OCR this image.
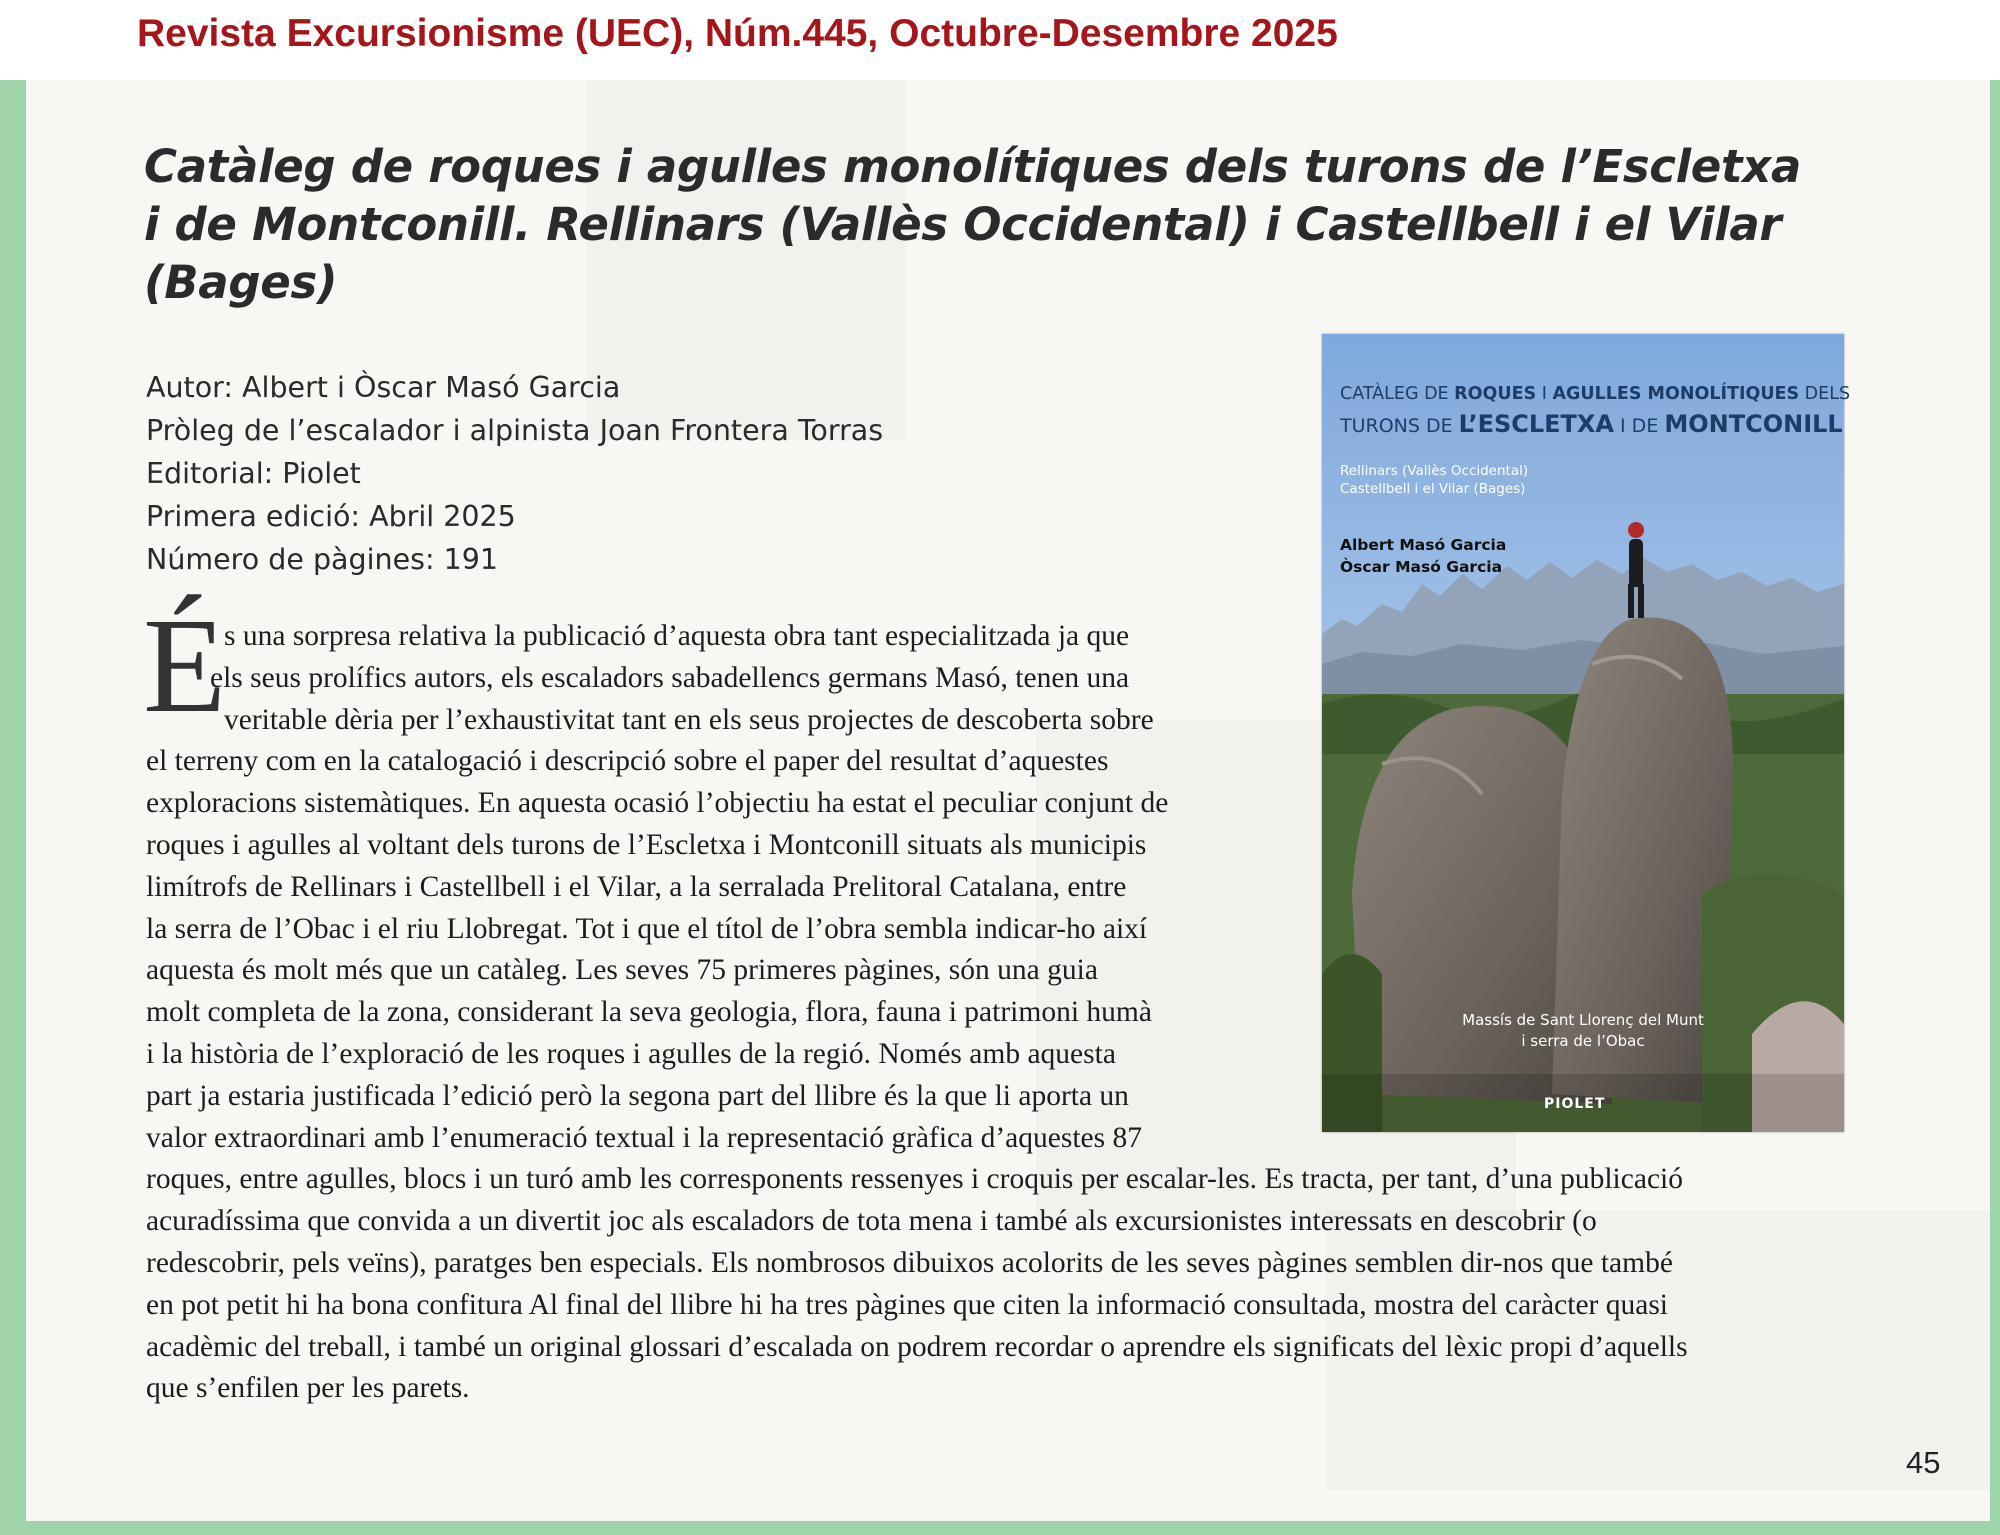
Revista Excursionisme (UEC), Núm.445, Octubre-Desembre 2025
Catàleg de roques i agulles monolítiques dels turons de l’Escletxa
i de Montconill. Rellinars (Vallès Occidental) i Castellbell i el Vilar
(Bages)
Autor: Albert i Òscar Masó Garcia
Pròleg de l’escalador i alpinista Joan Frontera Torras
Editorial: Piolet
Primera edició: Abril 2025
Número de pàgines: 191
É
s una sorpresa relativa la publicació d’aquesta obra tant especialitzada ja que
els seus prolífics autors, els escaladors sabadellencs germans Masó, tenen una
veritable dèria per l’exhaustivitat tant en els seus projectes de descoberta sobre
el terreny com en la catalogació i descripció sobre el paper del resultat d’aquestes
exploracions sistemàtiques. En aquesta ocasió l’objectiu ha estat el peculiar conjunt de
roques i agulles al voltant dels turons de l’Escletxa i Montconill situats als municipis
limítrofs de Rellinars i Castellbell i el Vilar, a la serralada Prelitoral Catalana, entre
la serra de l’Obac i el riu Llobregat. Tot i que el títol de l’obra sembla indicar-ho així
aquesta és molt més que un catàleg. Les seves 75 primeres pàgines, són una guia
molt completa de la zona, considerant la seva geologia, flora, fauna i patrimoni humà
i la història de l’exploració de les roques i agulles de la regió. Només amb aquesta
part ja estaria justificada l’edició però la segona part del llibre és la que li aporta un
valor extraordinari amb l’enumeració textual i la representació gràfica d’aquestes 87
roques, entre agulles, blocs i un turó amb les corresponents ressenyes i croquis per escalar-les. Es tracta, per tant, d’una publicació
acuradíssima que convida a un divertit joc als escaladors de tota mena i també als excursionistes interessats en descobrir (o
redescobrir, pels veïns), paratges ben especials. Els nombrosos dibuixos acolorits de les seves pàgines semblen dir-nos que també
en pot petit hi ha bona confitura Al final del llibre hi ha tres pàgines que citen la informació consultada, mostra del caràcter quasi
acadèmic del treball, i també un original glossari d’escalada on podrem recordar o aprendre els significats del lèxic propi d’aquells
que s’enfilen per les parets.
CATÀLEG DE ROQUES I AGULLES MONOLÍTIQUES DELS
TURONS DE L’ESCLETXA I DE MONTCONILL
Rellinars (Vallès Occidental)
Castellbell i el Vilar (Bages)
Albert Masó Garcia
Òscar Masó Garcia
Massís de Sant Llorenç del Munt
i serra de l’Obac
PIOLET
45
